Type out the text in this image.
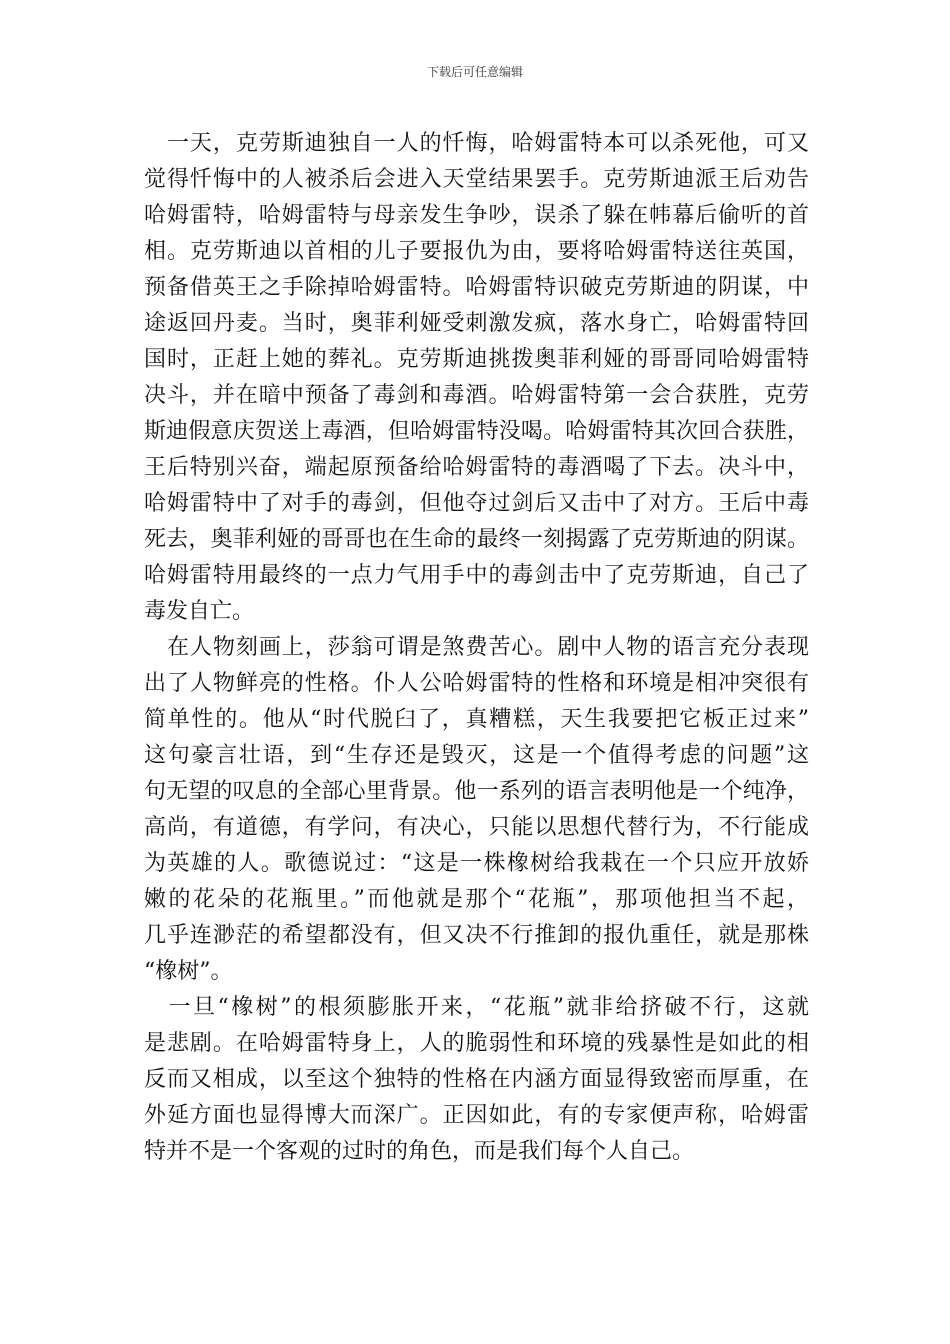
下载后可任意编辑
　一天，克劳斯迪独自一人的忏悔，哈姆雷特本可以杀死他，可又
觉得忏悔中的人被杀后会进入天堂结果罢手。克劳斯迪派王后劝告
哈姆雷特，哈姆雷特与母亲发生争吵，误杀了躲在帏幕后偷听的首
相。克劳斯迪以首相的儿子要报仇为由，要将哈姆雷特送往英国，
预备借英王之手除掉哈姆雷特。哈姆雷特识破克劳斯迪的阴谋，中
途返回丹麦。当时，奥菲利娅受刺激发疯，落水身亡，哈姆雷特回
国时，正赶上她的葬礼。克劳斯迪挑拨奥菲利娅的哥哥同哈姆雷特
决斗，并在暗中预备了毒剑和毒酒。哈姆雷特第一会合获胜，克劳
斯迪假意庆贺送上毒酒，但哈姆雷特没喝。哈姆雷特其次回合获胜，
王后特别兴奋，端起原预备给哈姆雷特的毒酒喝了下去。决斗中，
哈姆雷特中了对手的毒剑，但他夺过剑后又击中了对方。王后中毒
死去，奥菲利娅的哥哥也在生命的最终一刻揭露了克劳斯迪的阴谋。
哈姆雷特用最终的一点力气用手中的毒剑击中了克劳斯迪，自己了
毒发自亡。
　在人物刻画上，莎翁可谓是煞费苦心。剧中人物的语言充分表现
出了人物鲜亮的性格。仆人公哈姆雷特的性格和环境是相冲突很有
简单性的。他从“时代脱臼了，真糟糕，天生我要把它板正过来”
这句豪言壮语，到“生存还是毁灭，这是一个值得考虑的问题”这
句无望的叹息的全部心里背景。他一系列的语言表明他是一个纯净，
高尚，有道德，有学问，有决心，只能以思想代替行为，不行能成
为英雄的人。歌德说过：“这是一株橡树给我栽在一个只应开放娇
嫩的花朵的花瓶里。”而他就是那个“花瓶”，那项他担当不起，
几乎连渺茫的希望都没有，但又决不行推卸的报仇重任，就是那株
“橡树”。
　一旦“橡树”的根须膨胀开来，“花瓶”就非给挤破不行，这就
是悲剧。在哈姆雷特身上，人的脆弱性和环境的残暴性是如此的相
反而又相成，以至这个独特的性格在内涵方面显得致密而厚重，在
外延方面也显得博大而深广。正因如此，有的专家便声称，哈姆雷
特并不是一个客观的过时的角色，而是我们每个人自己。
